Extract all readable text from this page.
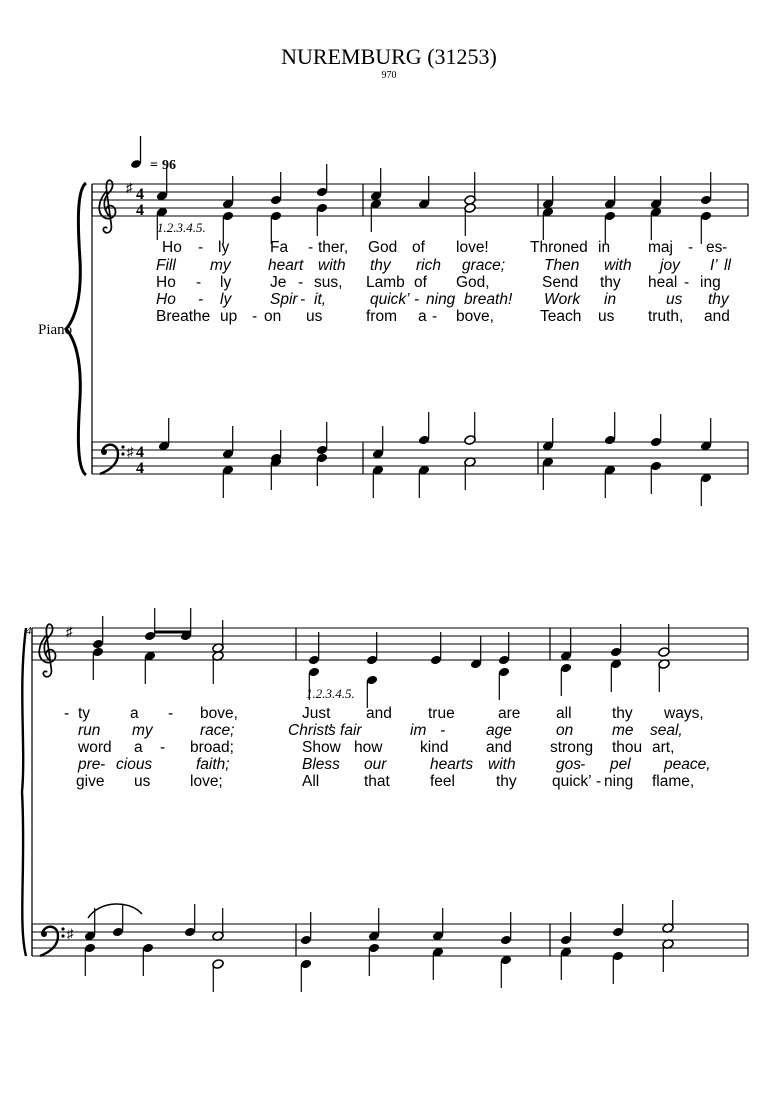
NUREMBURG (31253)
970
= 96
Piano
♯ 4
4
♯ 4
4
Ho - ly	Fa - ther, God of love!	Throned in maj - es -
Fill my heart with thy rich grace;	Then with joy I’ ll
Ho - ly	Je - sus, Lamb of God,	Send thy heal - ing
Ho - ly	Spir - it,	quick’ - ning breath! Work in	us thy
Breathe up - on us	from a - bove,	Teach us truth, and
4	♯
♯
- ty	a - bove,	Just and true	are all	thy ways,
run my	race;	Christ’
s fair	im -	age	on	me seal,
word a - broad;	Show how kind and strong thou art,
pre - cious	faith;	Bless our	hearts with	gos - pel peace,
give us	love;	All	that	feel	thy quick’ - ning flame,
1.2.3.4.5.
1.2.3.4.5.
